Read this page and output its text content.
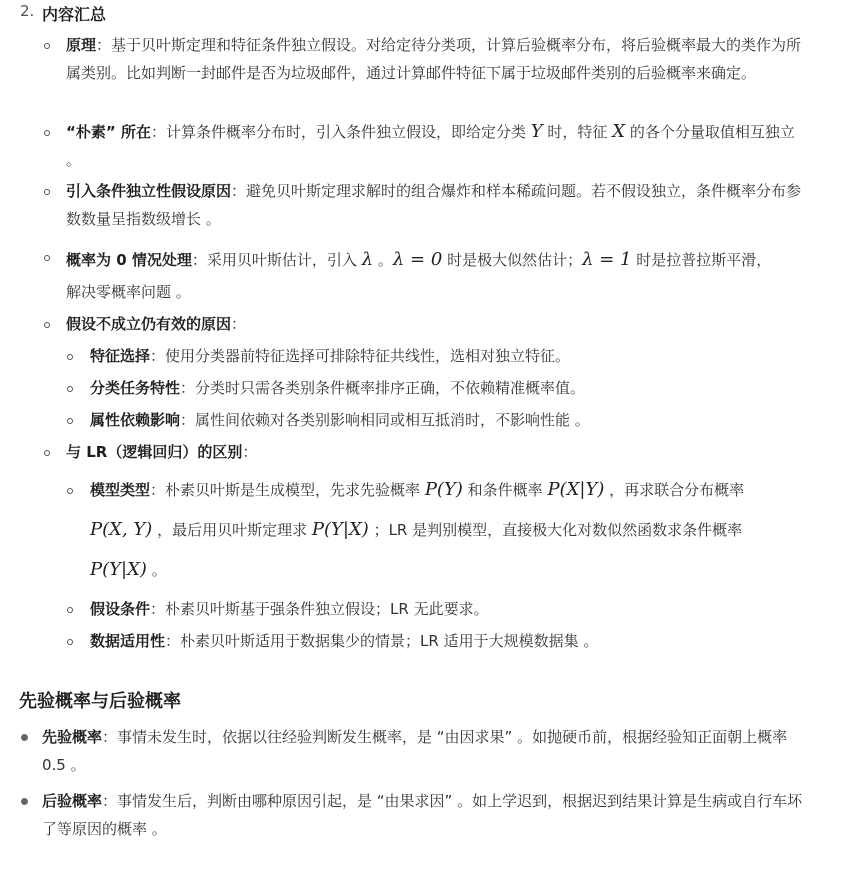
2. 内容汇总
原理：基于贝叶斯定理和特征条件独立假设。对给定待分类项，计算后验概率分布，将后验概率最大的类作为所属类别。比如判断一封邮件是否为垃圾邮件，通过计算邮件特征下属于垃圾邮件类别的后验概率来确定。
“朴素” 所在：计算条件概率分布时，引入条件独立假设，即给定分类 Y 时，特征 X 的各个分量取值相互独立 。
引入条件独立性假设原因：避免贝叶斯定理求解时的组合爆炸和样本稀疏问题。若不假设独立，条件概率分布参数数量呈指数级增长 。
概率为 0 情况处理：采用贝叶斯估计，引入 λ 。λ = 0 时是极大似然估计；λ = 1 时是拉普拉斯平滑，
解决零概率问题 。
假设不成立仍有效的原因：
特征选择：使用分类器前特征选择可排除特征共线性，选相对独立特征。
分类任务特性：分类时只需各类别条件概率排序正确，不依赖精准概率值。
属性依赖影响：属性间依赖对各类别影响相同或相互抵消时，不影响性能 。
与 LR（逻辑回归）的区别：
模型类型：朴素贝叶斯是生成模型，先求先验概率 P(Y) 和条件概率 P(X|Y) ，再求联合分布概率
P(X, Y) ，最后用贝叶斯定理求 P(Y|X) ；LR 是判别模型，直接极大化对数似然函数求条件概率
P(Y|X) 。
假设条件：朴素贝叶斯基于强条件独立假设；LR 无此要求。
数据适用性：朴素贝叶斯适用于数据集少的情景；LR 适用于大规模数据集 。
先验概率与后验概率
先验概率：事情未发生时，依据以往经验判断发生概率，是 “由因求果” 。如抛硬币前，根据经验知正面朝上概率 0.5 。
后验概率：事情发生后，判断由哪种原因引起，是 “由果求因” 。如上学迟到，根据迟到结果计算是生病或自行车坏了等原因的概率 。
